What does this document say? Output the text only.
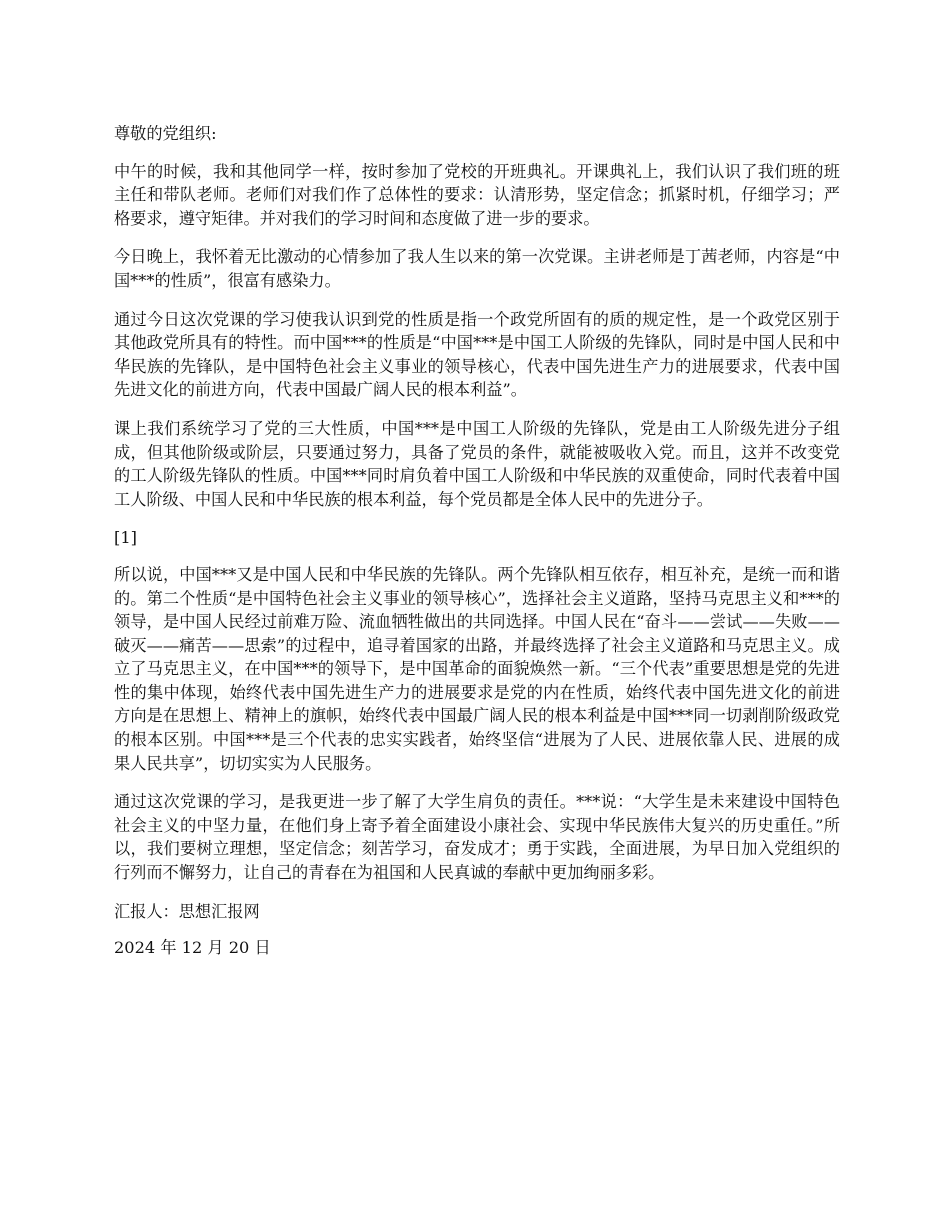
尊敬的党组织:

中午的时候，我和其他同学一样，按时参加了党校的开班典礼。开课典礼上，我们认识了我们班的班主任和带队老师。老师们对我们作了总体性的要求：认清形势，坚定信念；抓紧时机，仔细学习；严格要求，遵守矩律。并对我们的学习时间和态度做了进一步的要求。

今日晚上，我怀着无比激动的心情参加了我人生以来的第一次党课。主讲老师是丁茜老师，内容是“中国***的性质”，很富有感染力。

通过今日这次党课的学习使我认识到党的性质是指一个政党所固有的质的规定性，是一个政党区别于其他政党所具有的特性。而中国***的性质是“中国***是中国工人阶级的先锋队，同时是中国人民和中华民族的先锋队，是中国特色社会主义事业的领导核心，代表中国先进生产力的进展要求，代表中国先进文化的前进方向，代表中国最广阔人民的根本利益”。

课上我们系统学习了党的三大性质，中国***是中国工人阶级的先锋队，党是由工人阶级先进分子组成，但其他阶级或阶层，只要通过努力，具备了党员的条件，就能被吸收入党。而且，这并不改变党的工人阶级先锋队的性质。中国***同时肩负着中国工人阶级和中华民族的双重使命，同时代表着中国工人阶级、中国人民和中华民族的根本利益，每个党员都是全体人民中的先进分子。

[1]

所以说，中国***又是中国人民和中华民族的先锋队。两个先锋队相互依存，相互补充，是统一而和谐的。第二个性质“是中国特色社会主义事业的领导核心”，选择社会主义道路，坚持马克思主义和***的领导，是中国人民经过前难万险、流血牺牲做出的共同选择。中国人民在“奋斗——尝试——失败——破灭——痛苦——思索”的过程中，追寻着国家的出路，并最终选择了社会主义道路和马克思主义。成立了马克思主义，在中国***的领导下，是中国革命的面貌焕然一新。“三个代表”重要思想是党的先进性的集中体现，始终代表中国先进生产力的进展要求是党的内在性质，始终代表中国先进文化的前进方向是在思想上、精神上的旗帜，始终代表中国最广阔人民的根本利益是中国***同一切剥削阶级政党的根本区别。中国***是三个代表的忠实实践者，始终坚信“进展为了人民、进展依靠人民、进展的成果人民共享”，切切实实为人民服务。

通过这次党课的学习，是我更进一步了解了大学生肩负的责任。***说：“大学生是未来建设中国特色社会主义的中坚力量，在他们身上寄予着全面建设小康社会、实现中华民族伟大复兴的历史重任。”所以，我们要树立理想，坚定信念；刻苦学习，奋发成才；勇于实践，全面进展，为早日加入党组织的行列而不懈努力，让自己的青春在为祖国和人民真诚的奉献中更加绚丽多彩。

汇报人：思想汇报网

2024 年 12 月 20 日
